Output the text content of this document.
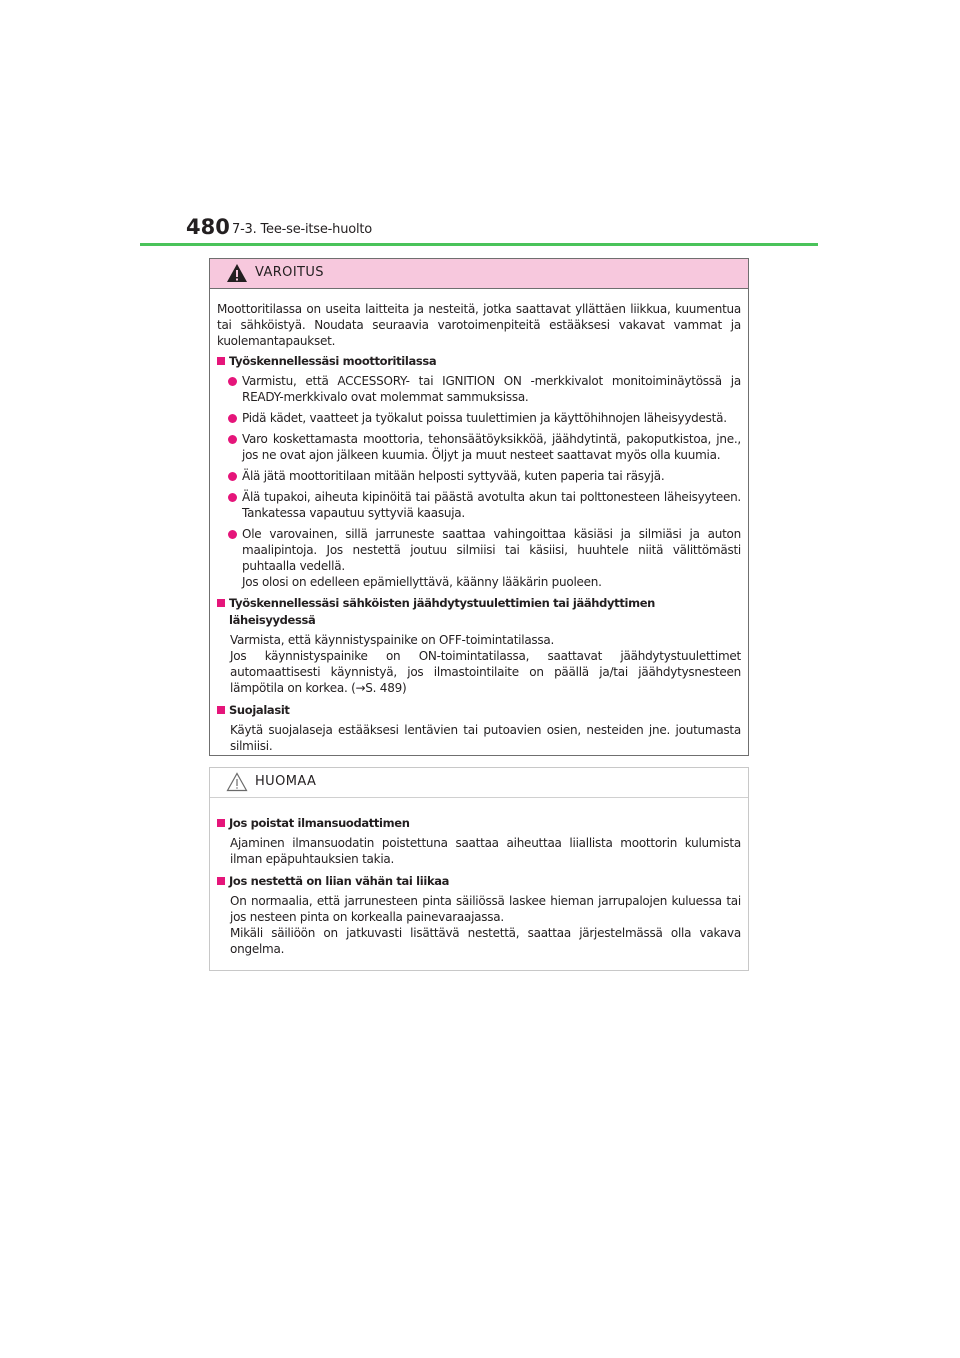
480 7-3. Tee-se-itse-huolto
VAROITUS

Moottoritilassa on useita laitteita ja nesteitä, jotka saattavat yllättäen liikkua, kuumentua tai sähköistyä. Noudata seuraavia varotoimenpiteitä estääksesi vakavat vammat ja kuolemantapaukset.

Työskennellessäsi moottoritilassa
Varmistu, että ACCESSORY- tai IGNITION ON -merkkivalot monitoiminäytössä ja READY-merkkivalo ovat molemmat sammuksissa.
Pidä kädet, vaatteet ja työkalut poissa tuulettimien ja käyttöhihnojen läheisyydestä.
Varo koskettamasta moottoria, tehonsäätöyksikköä, jäähdytintä, pakoputkistoa, jne., jos ne ovat ajon jälkeen kuumia. Öljyt ja muut nesteet saattavat myös olla kuumia.
Älä jätä moottoritilaan mitään helposti syttyvää, kuten paperia tai räsyjä.
Älä tupakoi, aiheuta kipinöitä tai päästä avotulta akun tai polttonesteen läheisyyteen. Tankatessa vapautuu syttyviä kaasuja.
Ole varovainen, sillä jarruneste saattaa vahingoittaa käsiäsi ja silmiäsi ja auton maalipintoja. Jos nestettä joutuu silmiisi tai käsiisi, huuhtele niitä välittömästi puhtaalla vedellä.
Jos olosi on edelleen epämiellyttävä, käänny lääkärin puoleen.
Työskennellessäsi sähköisten jäähdytystuulettimien tai jäähdyttimen läheisyydessä
Varmista, että käynnistyspainike on OFF-toimintatilassa.
Jos käynnistyspainike on ON-toimintatilassa, saattavat jäähdytystuulettimet automaattisesti käynnistyä, jos ilmastointilaite on päällä ja/tai jäähdytysnesteen lämpötila on korkea. (→S. 489)
Suojalasit
Käytä suojalaseja estääksesi lentävien tai putoavien osien, nesteiden jne. joutumasta silmiisi.
HUOMAA
Jos poistat ilmansuodattimen
Ajaminen ilmansuodatin poistettuna saattaa aiheuttaa liiallista moottorin kulumista ilman epäpuhtauksien takia.
Jos nestettä on liian vähän tai liikaa
On normaalia, että jarrunesteen pinta säiliössä laskee hieman jarrupalojen kuluessa tai jos nesteen pinta on korkealla painevaraajassa.
Mikäli säiliöön on jatkuvasti lisättävä nestettä, saattaa järjestelmässä olla vakava ongelma.
